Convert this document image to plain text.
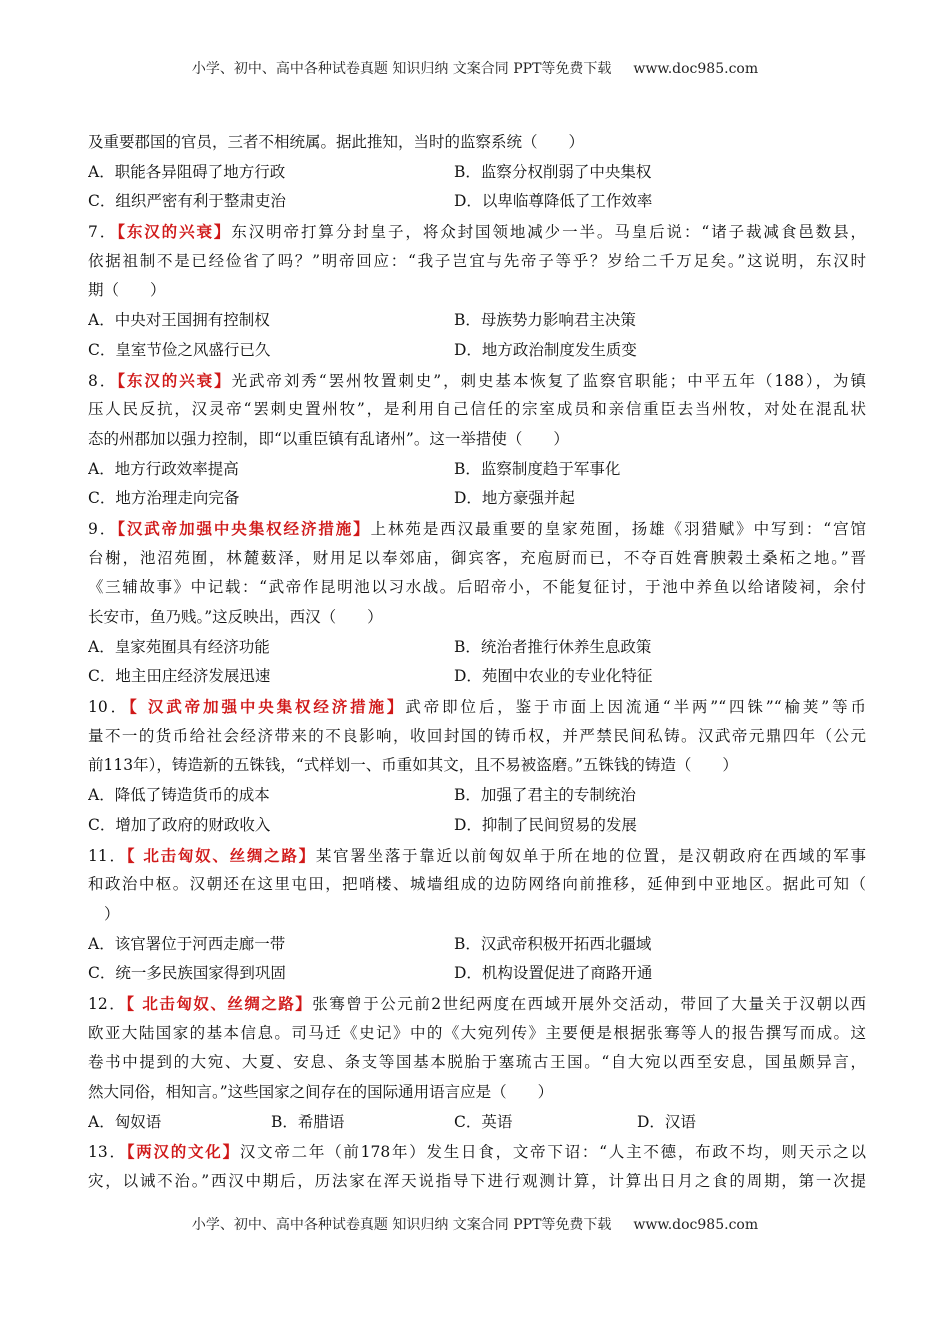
小学、初中、高中各种试卷真题 知识归纳 文案合同 PPT等免费下载 www.doc985.com
及重要郡国的官员，三者不相统属。据此推知，当时的监察系统（　　）
A．职能各异阻碍了地方行政	B．监察分权削弱了中央集权
C．组织严密有利于整肃吏治	D．以卑临尊降低了工作效率
7．【东汉的兴衰】东汉明帝打算分封皇子，将众封国领地减少一半。马皇后说：“诸子裁减食邑数县，
依据祖制不是已经俭省了吗？”明帝回应：“我子岂宜与先帝子等乎？岁给二千万足矣。”这说明，东汉时
期（　　）
A．中央对王国拥有控制权	B．母族势力影响君主决策
C．皇室节俭之风盛行已久	D．地方政治制度发生质变
8．【东汉的兴衰】光武帝刘秀“罢州牧置刺史”，刺史基本恢复了监察官职能；中平五年（188），为镇
压人民反抗，汉灵帝“罢刺史置州牧”，是利用自己信任的宗室成员和亲信重臣去当州牧，对处在混乱状
态的州郡加以强力控制，即“以重臣镇有乱诸州”。这一举措使（　　）
A．地方行政效率提高	B．监察制度趋于军事化
C．地方治理走向完备	D．地方豪强并起
9．【汉武帝加强中央集权经济措施】上林苑是西汉最重要的皇家苑囿，扬雄《羽猎赋》中写到：“宫馆
台榭，池沼苑囿，林麓薮泽，财用足以奉郊庙，御宾客，充庖厨而已，不夺百姓膏腴榖土桑柘之地。”晋
《三辅故事》中记载：“武帝作昆明池以习水战。后昭帝小，不能复征讨，于池中养鱼以给诸陵祠，余付
长安市，鱼乃贱。”这反映出，西汉（　　）
A．皇家苑囿具有经济功能	B．统治者推行休养生息政策
C．地主田庄经济发展迅速	D．苑囿中农业的专业化特征
10．【 汉武帝加强中央集权经济措施】武帝即位后，鉴于市面上因流通“半两”“四铢”“榆荚”等币
量不一的货币给社会经济带来的不良影响，收回封国的铸币权，并严禁民间私铸。汉武帝元鼎四年（公元
前113年），铸造新的五铢钱，“式样划一、币重如其文，且不易被盗磨。”五铢钱的铸造（　　）
A．降低了铸造货币的成本	B．加强了君主的专制统治
C．增加了政府的财政收入	D．抑制了民间贸易的发展
11．【 北击匈奴、丝绸之路】某官署坐落于靠近以前匈奴单于所在地的位置，是汉朝政府在西域的军事
和政治中枢。汉朝还在这里屯田，把哨楼、城墙组成的边防网络向前推移，延伸到中亚地区。据此可知（
）
A．该官署位于河西走廊一带	B．汉武帝积极开拓西北疆域
C．统一多民族国家得到巩固	D．机构设置促进了商路开通
12．【 北击匈奴、丝绸之路】张骞曾于公元前2世纪两度在西域开展外交活动，带回了大量关于汉朝以西
欧亚大陆国家的基本信息。司马迁《史记》中的《大宛列传》主要便是根据张骞等人的报告撰写而成。这
卷书中提到的大宛、大夏、安息、条支等国基本脱胎于塞琉古王国。“自大宛以西至安息，国虽颇异言，
然大同俗，相知言。”这些国家之间存在的国际通用语言应是（　　）
A．匈奴语	B．希腊语	C．英语	D．汉语
13．【两汉的文化】汉文帝二年（前178年）发生日食，文帝下诏：“人主不德，布政不均，则天示之以
灾，以诫不治。”西汉中期后，历法家在浑天说指导下进行观测计算，计算出日月之食的周期，第一次提
小学、初中、高中各种试卷真题 知识归纳 文案合同 PPT等免费下载 www.doc985.com
